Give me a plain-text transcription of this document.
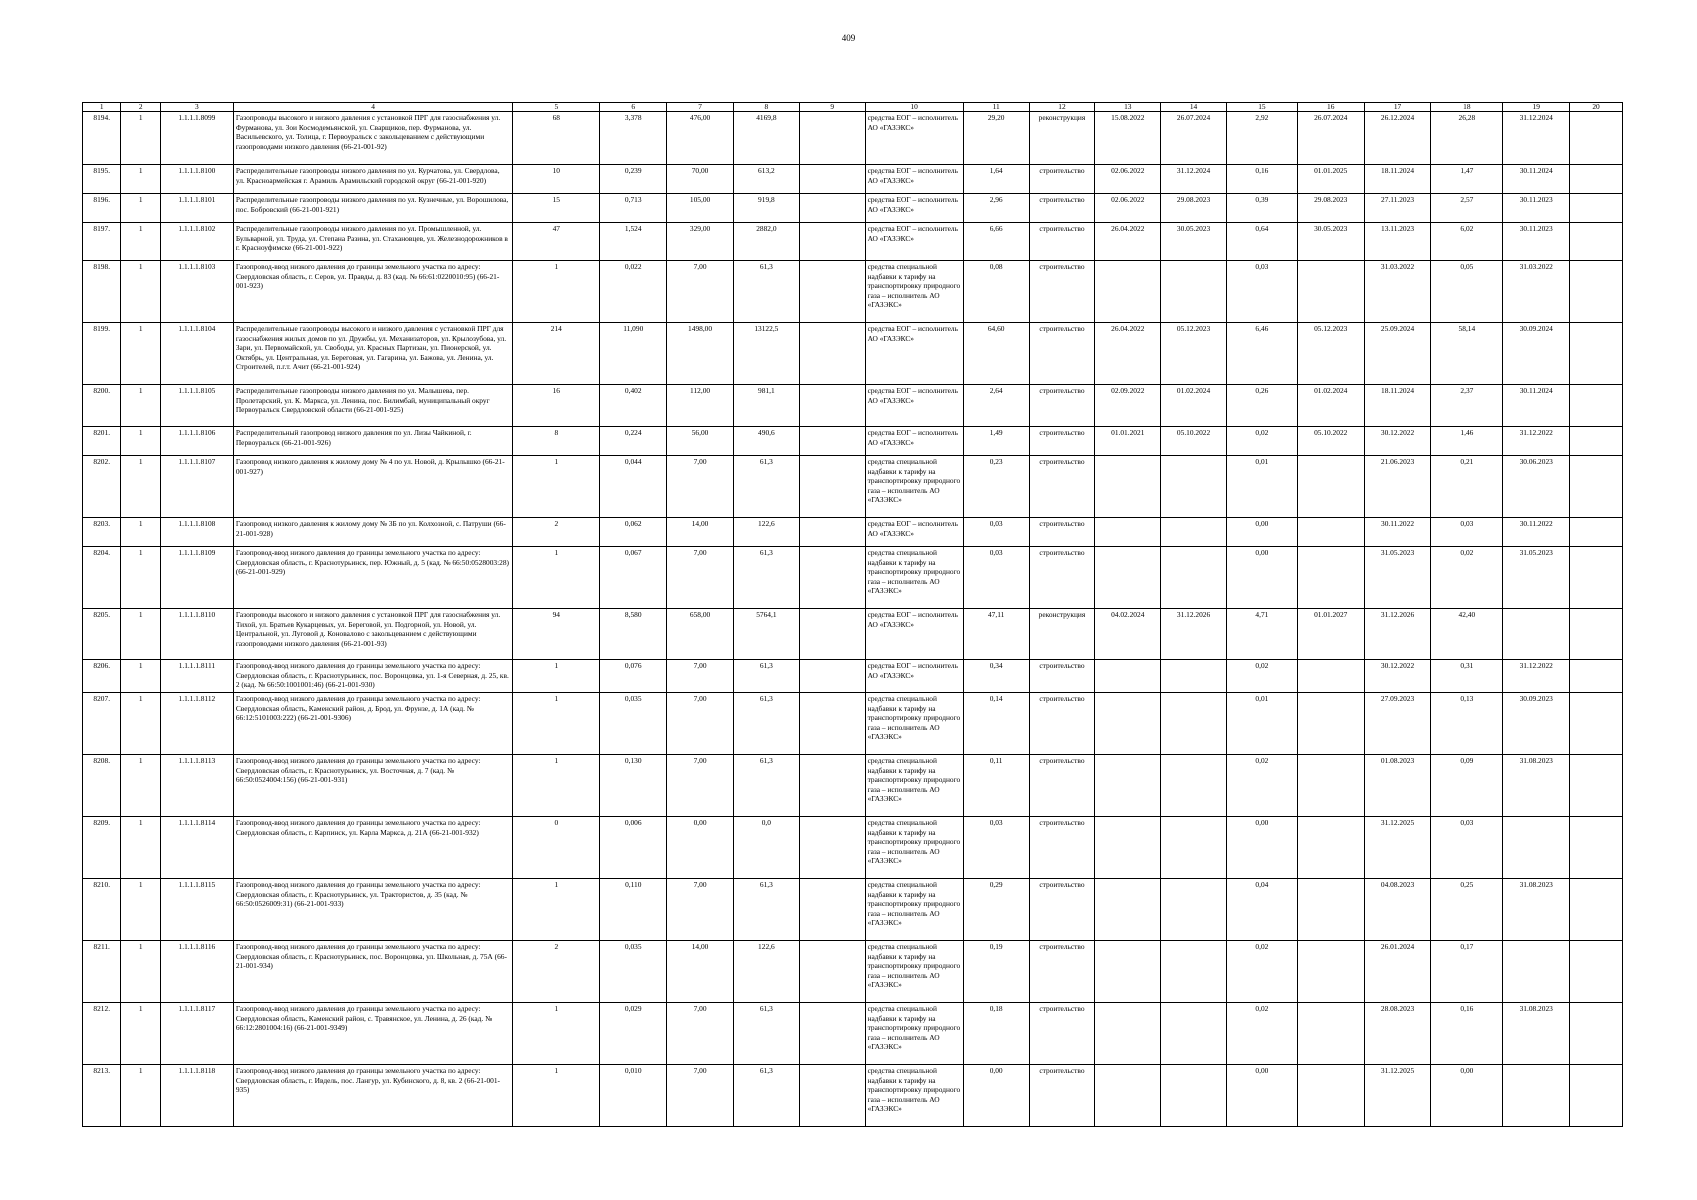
409
1	2	3	4	5	6	7	8	9	10	11	12	13	14	15	16	17	18	19	20
8194.	1	1.1.1.1.8099	Газопроводы высокого и низкого давления с установкой ПРГ для газоснабжения ул. Фурманова, ул. Зои Космодемьянской, ул. Сварщиков, пер. Фурманова, ул. Васильевского, ул. Толица, г. Первоуральск с закольцеванием с действующими газопроводами низкого давления (66-21-001-92)	68	3,378	476,00	4169,8		средства ЕОГ – исполнитель АО «ГАЗЭКС»	29,20	реконструкция	15.08.2022	26.07.2024	2,92	26.07.2024	26.12.2024	26,28	31.12.2024	
8195.	1	1.1.1.1.8100	Распределительные газопроводы низкого давления по ул. Курчатова, ул. Свердлова, ул. Красноармейская г. Арамиль Арамильский городской округ (66-21-001-920)	10	0,239	70,00	613,2		средства ЕОГ – исполнитель АО «ГАЗЭКС»	1,64	строительство	02.06.2022	31.12.2024	0,16	01.01.2025	18.11.2024	1,47	30.11.2024	
8196.	1	1.1.1.1.8101	Распределительные газопроводы низкого давления по ул. Кузнечные, ул. Ворошилова, пос. Бобровский (66-21-001-921)	15	0,713	105,00	919,8		средства ЕОГ – исполнитель АО «ГАЗЭКС»	2,96	строительство	02.06.2022	29.08.2023	0,39	29.08.2023	27.11.2023	2,57	30.11.2023	
8197.	1	1.1.1.1.8102	Распределительные газопроводы низкого давления по ул. Промышленной, ул. Бульварной, ул. Труда, ул. Степана Разина, ул. Стахановцев, ул. Железнодорожников в г. Красноуфимске (66-21-001-922)	47	1,524	329,00	2882,0		средства ЕОГ – исполнитель АО «ГАЗЭКС»	6,66	строительство	26.04.2022	30.05.2023	0,64	30.05.2023	13.11.2023	6,02	30.11.2023	
8198.	1	1.1.1.1.8103	Газопровод-ввод низкого давления до границы земельного участка по адресу: Свердловская область, г. Серов, ул. Правды, д. 83 (кад. № 66:61:0220010:95) (66-21-001-923)	1	0,022	7,00	61,3		средства специальной надбавки к тарифу на транспортировку природного газа – исполнитель АО «ГАЗЭКС»	0,08	строительство			0,03		31.03.2022	0,05	31.03.2022	
8199.	1	1.1.1.1.8104	Распределительные газопроводы высокого и низкого давления с установкой ПРГ для газоснабжения жилых домов по ул. Дружбы, ул. Механизаторов, ул. Крылозубова, ул. Зари, ул. Первомайской, ул. Свободы, ул. Красных Партизан, ул. Пионерской, ул. Октябрь, ул. Центральная, ул. Береговая, ул. Гагарина, ул. Бажова, ул. Ленина, ул. Строителей, п.г.т. Ачит (66-21-001-924)	214	11,090	1498,00	13122,5		средства ЕОГ – исполнитель АО «ГАЗЭКС»	64,60	строительство	26.04.2022	05.12.2023	6,46	05.12.2023	25.09.2024	58,14	30.09.2024	
8200.	1	1.1.1.1.8105	Распределительные газопроводы низкого давления по ул. Малышева, пер. Пролетарский, ул. К. Маркса, ул. Ленина, пос. Билимбай, муниципальный округ Первоуральск Свердловской области (66-21-001-925)	16	0,402	112,00	981,1		средства ЕОГ – исполнитель АО «ГАЗЭКС»	2,64	строительство	02.09.2022	01.02.2024	0,26	01.02.2024	18.11.2024	2,37	30.11.2024	
8201.	1	1.1.1.1.8106	Распределительный газопровод низкого давления по ул. Лизы Чайкиной, г. Первоуральск (66-21-001-926)	8	0,224	56,00	490,6		средства ЕОГ – исполнитель АО «ГАЗЭКС»	1,49	строительство	01.01.2021	05.10.2022	0,02	05.10.2022	30.12.2022	1,46	31.12.2022	
8202.	1	1.1.1.1.8107	Газопровод низкого давления к жилому дому № 4 по ул. Новой, д. Крылышко (66-21-001-927)	1	0,044	7,00	61,3		средства специальной надбавки к тарифу на транспортировку природного газа – исполнитель АО «ГАЗЭКС»	0,23	строительство			0,01		21.06.2023	0,21	30.06.2023	
8203.	1	1.1.1.1.8108	Газопровод низкого давления к жилому дому № 3Б по ул. Колхозной, с. Патруши (66-21-001-928)	2	0,062	14,00	122,6		средства ЕОГ – исполнитель АО «ГАЗЭКС»	0,03	строительство			0,00		30.11.2022	0,03	30.11.2022	
8204.	1	1.1.1.1.8109	Газопровод-ввод низкого давления до границы земельного участка по адресу: Свердловская область, г. Краснотурьинск, пер. Южный, д. 5 (кад. № 66:50:0528003:28) (66-21-001-929)	1	0,067	7,00	61,3		средства специальной надбавки к тарифу на транспортировку природного газа – исполнитель АО «ГАЗЭКС»	0,03	строительство			0,00		31.05.2023	0,02	31.05.2023	
8205.	1	1.1.1.1.8110	Газопроводы высокого и низкого давления с установкой ПРГ для газоснабжения ул. Тихой, ул. Братьев Кукарцевых, ул. Береговой, ул. Подгорной, ул. Новой, ул. Центральной, ул. Луговой д. Коновалово с закольцеванием с действующими газопроводами низкого давления (66-21-001-93)	94	8,580	658,00	5764,1		средства ЕОГ – исполнитель АО «ГАЗЭКС»	47,11	реконструкция	04.02.2024	31.12.2026	4,71	01.01.2027	31.12.2026	42,40		
8206.	1	1.1.1.1.8111	Газопровод-ввод низкого давления до границы земельного участка по адресу: Свердловская область, г. Краснотурьинск, пос. Воронцовка, ул. 1-я Северная, д. 25, кв. 2 (кад. № 66:50:1001001:46) (66-21-001-930)	1	0,076	7,00	61,3		средства ЕОГ – исполнитель АО «ГАЗЭКС»	0,34	строительство			0,02		30.12.2022	0,31	31.12.2022	
8207.	1	1.1.1.1.8112	Газопровод-ввод низкого давления до границы земельного участка по адресу: Свердловская область, Каменский район, д. Брод, ул. Фрунзе, д. 1А (кад. № 66:12:5101003:222) (66-21-001-9306)	1	0,035	7,00	61,3		средства специальной надбавки к тарифу на транспортировку природного газа – исполнитель АО «ГАЗЭКС»	0,14	строительство			0,01		27.09.2023	0,13	30.09.2023	
8208.	1	1.1.1.1.8113	Газопровод-ввод низкого давления до границы земельного участка по адресу: Свердловская область, г. Краснотурьинск, ул. Восточная, д. 7 (кад. № 66:50:0524004:156) (66-21-001-931)	1	0,130	7,00	61,3		средства специальной надбавки к тарифу на транспортировку природного газа – исполнитель АО «ГАЗЭКС»	0,11	строительство			0,02		01.08.2023	0,09	31.08.2023	
8209.	1	1.1.1.1.8114	Газопровод-ввод низкого давления до границы земельного участка по адресу: Свердловская область, г. Карпинск, ул. Карла Маркса, д. 21А (66-21-001-932)	0	0,006	0,00	0,0		средства специальной надбавки к тарифу на транспортировку природного газа – исполнитель АО «ГАЗЭКС»	0,03	строительство			0,00		31.12.2025	0,03		
8210.	1	1.1.1.1.8115	Газопровод-ввод низкого давления до границы земельного участка по адресу: Свердловская область, г. Краснотурьинск, ул. Трактористов, д. 35 (кад. № 66:50:0526009:31) (66-21-001-933)	1	0,110	7,00	61,3		средства специальной надбавки к тарифу на транспортировку природного газа – исполнитель АО «ГАЗЭКС»	0,29	строительство			0,04		04.08.2023	0,25	31.08.2023	
8211.	1	1.1.1.1.8116	Газопровод-ввод низкого давления до границы земельного участка по адресу: Свердловская область, г. Краснотурьинск, пос. Воронцовка, ул. Школьная, д. 75А (66-21-001-934)	2	0,035	14,00	122,6		средства специальной надбавки к тарифу на транспортировку природного газа – исполнитель АО «ГАЗЭКС»	0,19	строительство			0,02		26.01.2024	0,17		
8212.	1	1.1.1.1.8117	Газопровод-ввод низкого давления до границы земельного участка по адресу: Свердловская область, Каменский район, с. Травянское, ул. Ленина, д. 26 (кад. № 66:12:2801004:16) (66-21-001-9349)	1	0,029	7,00	61,3		средства специальной надбавки к тарифу на транспортировку природного газа – исполнитель АО «ГАЗЭКС»	0,18	строительство			0,02		28.08.2023	0,16	31.08.2023	
8213.	1	1.1.1.1.8118	Газопровод-ввод низкого давления до границы земельного участка по адресу: Свердловская область, г. Ивдель, пос. Лангур, ул. Кубинского, д. 8, кв. 2 (66-21-001-935)	1	0,010	7,00	61,3		средства специальной надбавки к тарифу на транспортировку природного газа – исполнитель АО «ГАЗЭКС»	0,00	строительство			0,00		31.12.2025	0,00		
